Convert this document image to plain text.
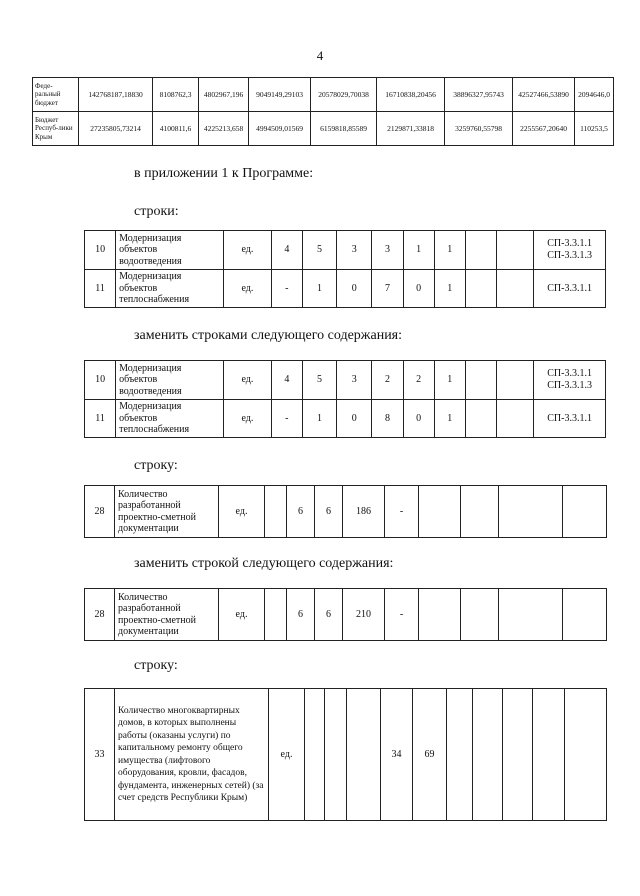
4
Феде-ральный бюджет	142768187,18830	8108762,3	4802967,196	9049149,29103	20578029,70038	16710838,20456	38896327,95743	42527466,53890	2094646,0
Бюджет Респуб-лики Крым	27235805,73214	4100811,6	4225213,658	4994509,01569	6159818,85589	2129871,33818	3259760,55798	2255567,20640	110253,5
в приложении 1 к Программе:
строки:
10	Модернизация объектов водоотведения	ед.	4	5	3	3	1	1			СП-3.3.1.1
СП-3.3.1.3

11	Модернизация объектов теплоснабжения	ед.	-	1	0	7	0	1			СП-3.3.1.1
заменить строками следующего содержания:
10	Модернизация объектов водоотведения	ед.	4	5	3	2	2	1			СП-3.3.1.1
СП-3.3.1.3

11	Модернизация объектов теплоснабжения	ед.	-	1	0	8	0	1			СП-3.3.1.1
строку:
28	Количество разработанной проектно-сметной документации	ед.		6	6	186	-				
заменить строкой следующего содержания:
28	Количество разработанной проектно-сметной документации	ед.		6	6	210	-				
строку:
33	Количество многоквартирных домов, в которых выполнены работы (оказаны услуги) по капитальному ремонту общего имущества (лифтового оборудования, кровли, фасадов, фундамента, инженерных сетей) (за счет средств Республики Крым)	ед.				34	69					
